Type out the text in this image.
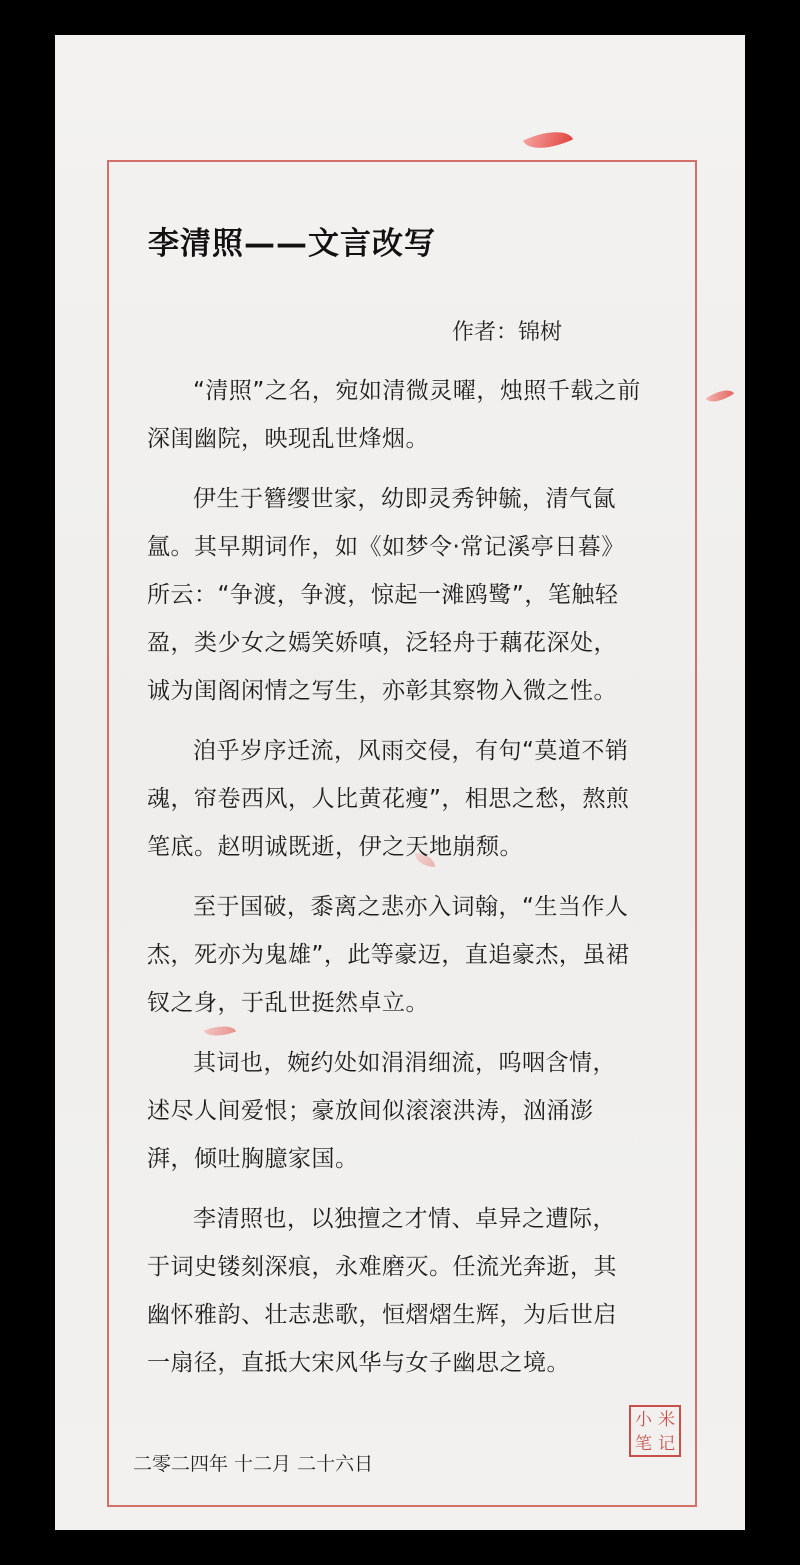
李清照——文言改写
作者：锦树
“清照”之名，宛如清微灵曜，烛照千载之前
深闺幽院，映现乱世烽烟。
伊生于簪缨世家，幼即灵秀钟毓，清气氤
氲。其早期词作，如《如梦令·常记溪亭日暮》
所云：“争渡，争渡，惊起一滩鸥鹭”，笔触轻
盈，类少女之嫣笑娇嗔，泛轻舟于藕花深处，
诚为闺阁闲情之写生，亦彰其察物入微之性。
洎乎岁序迁流，风雨交侵，有句“莫道不销
魂，帘卷西风，人比黄花瘦”，相思之愁，熬煎
笔底。赵明诚既逝，伊之天地崩颓。
至于国破，黍离之悲亦入词翰，“生当作人
杰，死亦为鬼雄”，此等豪迈，直追豪杰，虽裙
钗之身，于乱世挺然卓立。
其词也，婉约处如涓涓细流，呜咽含情，
述尽人间爱恨；豪放间似滚滚洪涛，汹涌澎
湃，倾吐胸臆家国。
李清照也，以独擅之才情、卓异之遭际，
于词史镂刻深痕，永难磨灭。任流光奔逝，其
幽怀雅韵、壮志悲歌，恒熠熠生辉，为后世启
一扇径，直抵大宋风华与女子幽思之境。
二零二四年 十二月 二十六日
小 米
笔 记
